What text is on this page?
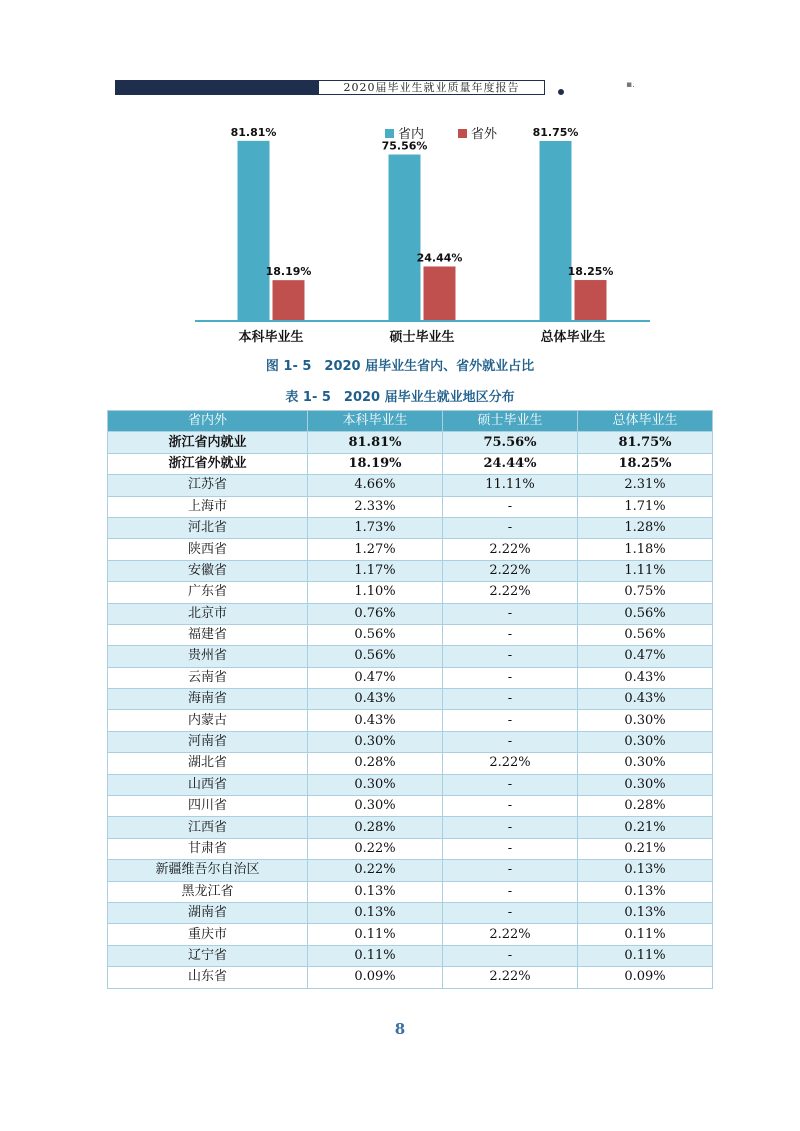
2020届毕业生就业质量年度报告	▪.
省内	省外
81.81%
18.19%
本科毕业生
75.56%
24.44%
硕士毕业生
81.75%
18.25%
总体毕业生
图 1- 5　2020 届毕业生省内、省外就业占比
表 1- 5　2020 届毕业生就业地区分布
省内外	本科毕业生	硕士毕业生	总体毕业生
浙江省内就业	81.81%	75.56%	81.75%
浙江省外就业	18.19%	24.44%	18.25%
江苏省	4.66%	11.11%	2.31%
上海市	2.33%	-	1.71%
河北省	1.73%	-	1.28%
陕西省	1.27%	2.22%	1.18%
安徽省	1.17%	2.22%	1.11%
广东省	1.10%	2.22%	0.75%
北京市	0.76%	-	0.56%
福建省	0.56%	-	0.56%
贵州省	0.56%	-	0.47%
云南省	0.47%	-	0.43%
海南省	0.43%	-	0.43%
内蒙古	0.43%	-	0.30%
河南省	0.30%	-	0.30%
湖北省	0.28%	2.22%	0.30%
山西省	0.30%	-	0.30%
四川省	0.30%	-	0.28%
江西省	0.28%	-	0.21%
甘肃省	0.22%	-	0.21%
新疆维吾尔自治区	0.22%	-	0.13%
黑龙江省	0.13%	-	0.13%
湖南省	0.13%	-	0.13%
重庆市	0.11%	2.22%	0.11%
辽宁省	0.11%	-	0.11%
山东省	0.09%	2.22%	0.09%
8
